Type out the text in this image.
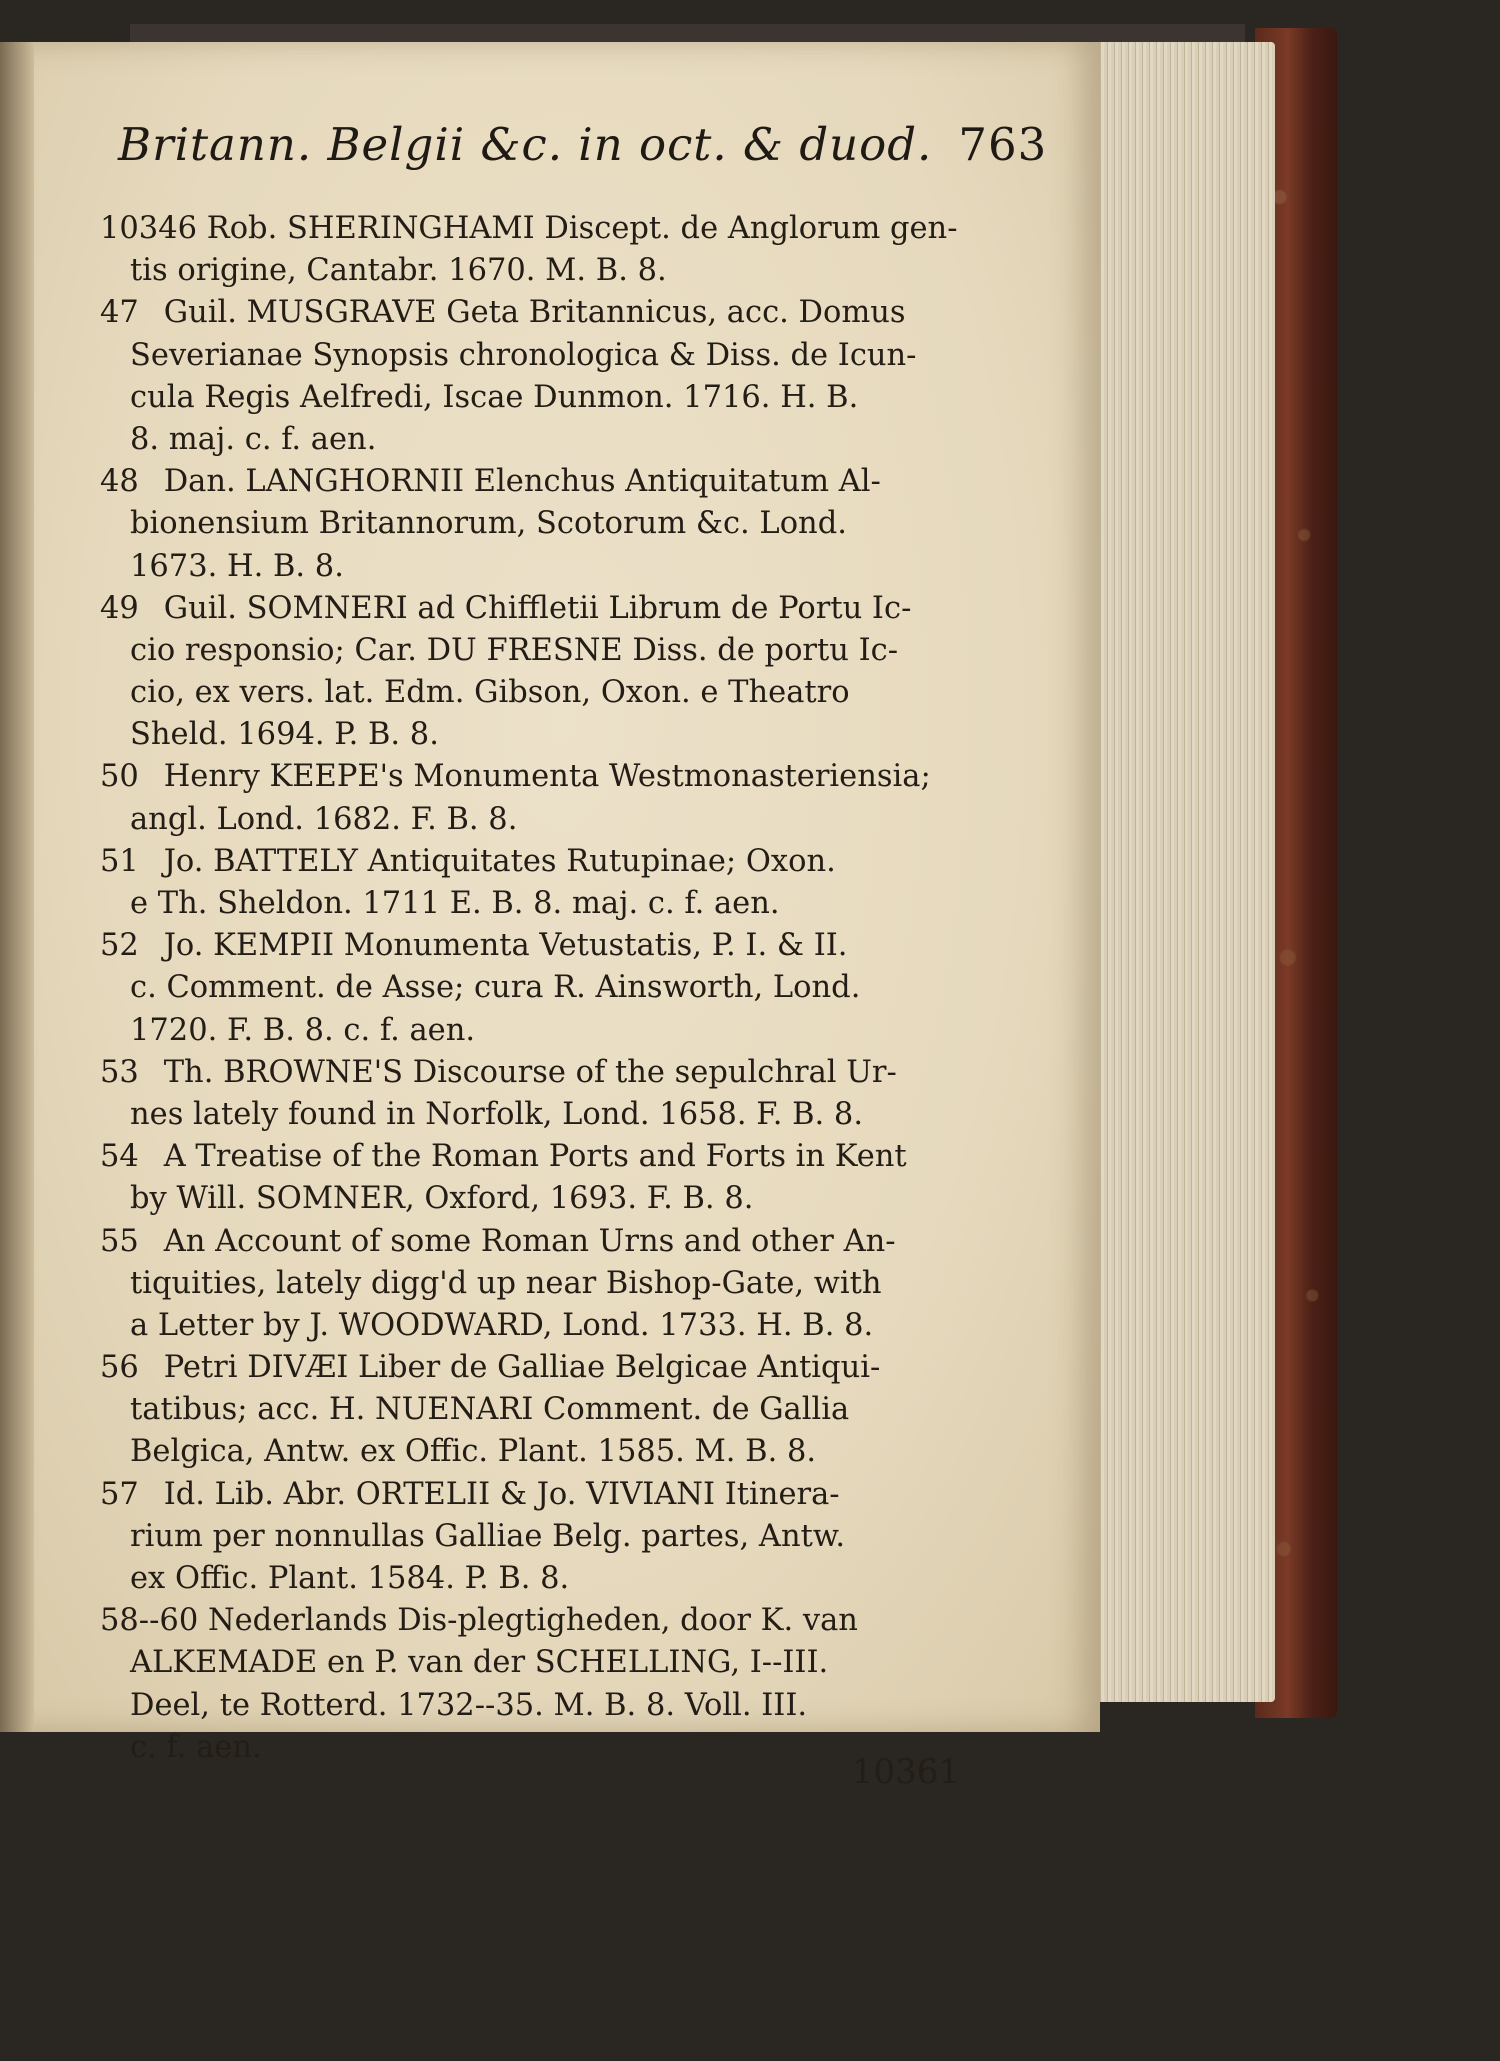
Britann. Belgii &c. in oct. & duod. 763
10346 Rob. SHERINGHAMI Discept. de Anglorum gen-
tis origine, Cantabr. 1670. M. B. 8.
47 Guil. MUSGRAVE Geta Britannicus, acc. Domus
Severianae Synopsis chronologica & Diss. de Icun-
cula Regis Aelfredi, Iscae Dunmon. 1716. H. B.
8. maj. c. f. aen.
48 Dan. LANGHORNII Elenchus Antiquitatum Al-
bionensium Britannorum, Scotorum &c. Lond.
1673. H. B. 8.
49 Guil. SOMNERI ad Chiffletii Librum de Portu Ic-
cio responsio; Car. DU FRESNE Diss. de portu Ic-
cio, ex vers. lat. Edm. Gibson, Oxon. e Theatro
Sheld. 1694. P. B. 8.
50 Henry KEEPE's Monumenta Westmonasteriensia;
angl. Lond. 1682. F. B. 8.
51 Jo. BATTELY Antiquitates Rutupinae; Oxon.
e Th. Sheldon. 1711 E. B. 8. maj. c. f. aen.
52 Jo. KEMPII Monumenta Vetustatis, P. I. & II.
c. Comment. de Asse; cura R. Ainsworth, Lond.
1720. F. B. 8. c. f. aen.
53 Th. BROWNE'S Discourse of the sepulchral Ur-
nes lately found in Norfolk, Lond. 1658. F. B. 8.
54 A Treatise of the Roman Ports and Forts in Kent
by Will. SOMNER, Oxford, 1693. F. B. 8.
55 An Account of some Roman Urns and other An-
tiquities, lately digg'd up near Bishop-Gate, with
a Letter by J. WOODWARD, Lond. 1733. H. B. 8.
56 Petri DIVÆI Liber de Galliae Belgicae Antiqui-
tatibus; acc. H. NUENARI Comment. de Gallia
Belgica, Antw. ex Offic. Plant. 1585. M. B. 8.
57 Id. Lib. Abr. ORTELII & Jo. VIVIANI Itinera-
rium per nonnullas Galliae Belg. partes, Antw.
ex Offic. Plant. 1584. P. B. 8.
58--60 Nederlands Dis-plegtigheden, door K. van
ALKEMADE en P. van der SCHELLING, I--III.
Deel, te Rotterd. 1732--35. M. B. 8. Voll. III.
c. f. aen.
10361
